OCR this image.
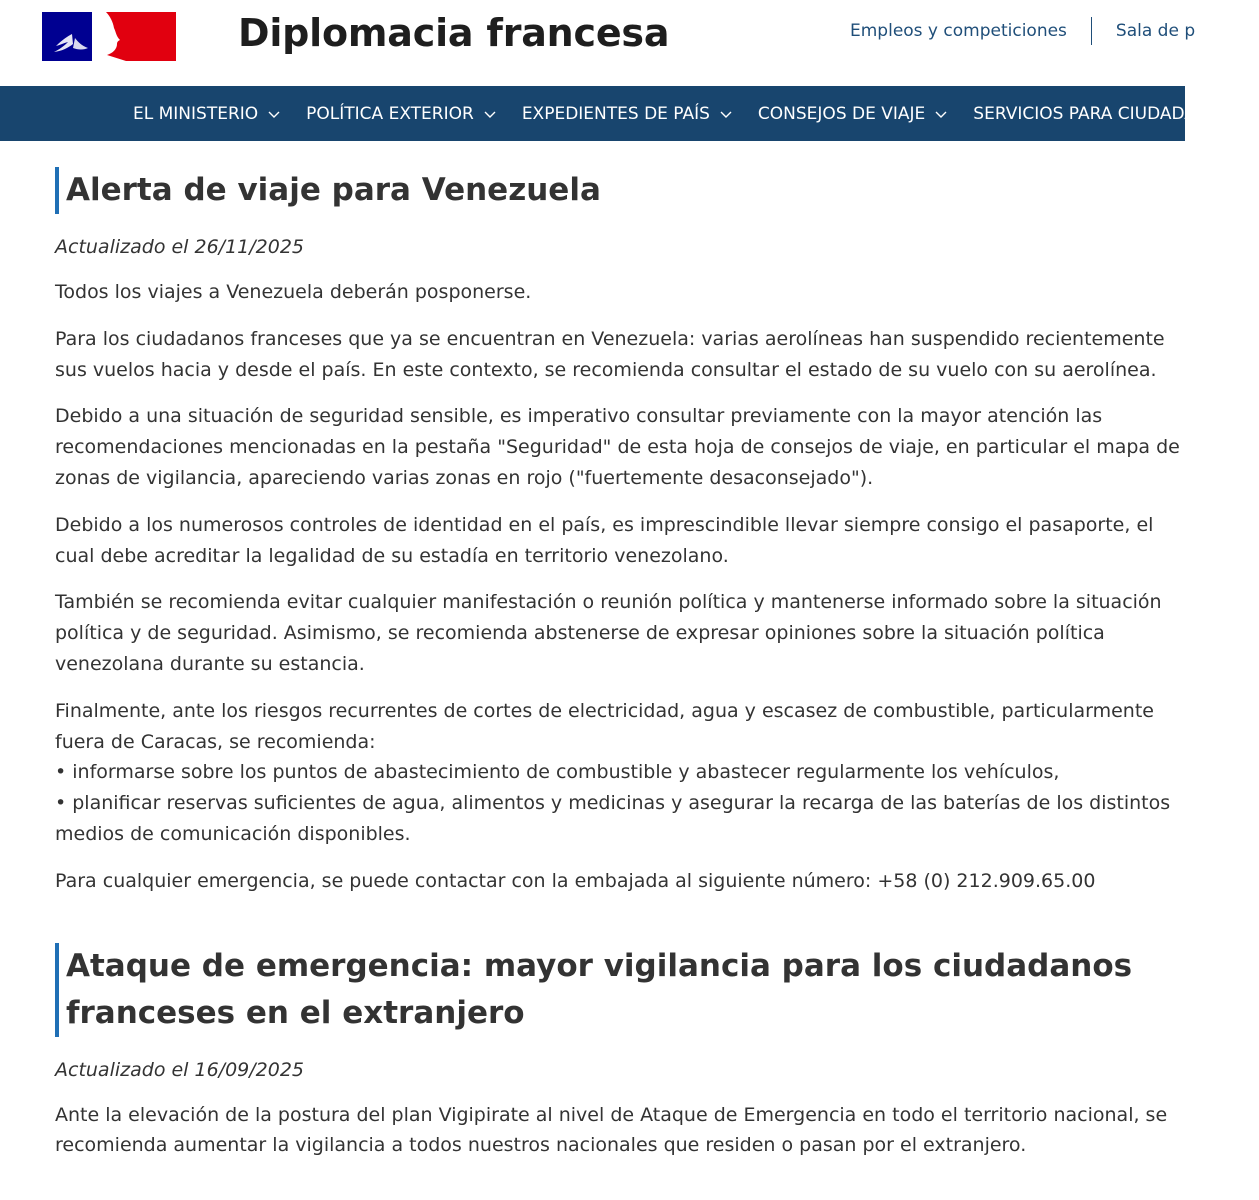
Diplomacia francesa	Empleos y competiciones	Sala de p
EL MINISTERIO	POLÍTICA EXTERIOR	EXPEDIENTES DE PAÍS	CONSEJOS DE VIAJE	SERVICIOS PARA CIUDADANOS
Alerta de viaje para Venezuela

Actualizado el 26/11/2025

Todos los viajes a Venezuela deberán posponerse.

Para los ciudadanos franceses que ya se encuentran en Venezuela: varias aerolíneas han suspendido recientemente sus vuelos hacia y desde el país. En este contexto, se recomienda consultar el estado de su vuelo con su aerolínea.

Debido a una situación de seguridad sensible, es imperativo consultar previamente con la mayor atención las recomendaciones mencionadas en la pestaña "Seguridad" de esta hoja de consejos de viaje, en particular el mapa de zonas de vigilancia, apareciendo varias zonas en rojo ("fuertemente desaconsejado").

Debido a los numerosos controles de identidad en el país, es imprescindible llevar siempre consigo el pasaporte, el cual debe acreditar la legalidad de su estadía en territorio venezolano.

También se recomienda evitar cualquier manifestación o reunión política y mantenerse informado sobre la situación política y de seguridad. Asimismo, se recomienda abstenerse de expresar opiniones sobre la situación política venezolana durante su estancia.

Finalmente, ante los riesgos recurrentes de cortes de electricidad, agua y escasez de combustible, particularmente fuera de Caracas, se recomienda:
• informarse sobre los puntos de abastecimiento de combustible y abastecer regularmente los vehículos,
• planificar reservas suficientes de agua, alimentos y medicinas y asegurar la recarga de las baterías de los distintos medios de comunicación disponibles.

Para cualquier emergencia, se puede contactar con la embajada al siguiente número: +58 (0) 212.909.65.00

Ataque de emergencia: mayor vigilancia para los ciudadanos franceses en el extranjero

Actualizado el 16/09/2025

Ante la elevación de la postura del plan Vigipirate al nivel de Ataque de Emergencia en todo el territorio nacional, se recomienda aumentar la vigilancia a todos nuestros nacionales que residen o pasan por el extranjero.
